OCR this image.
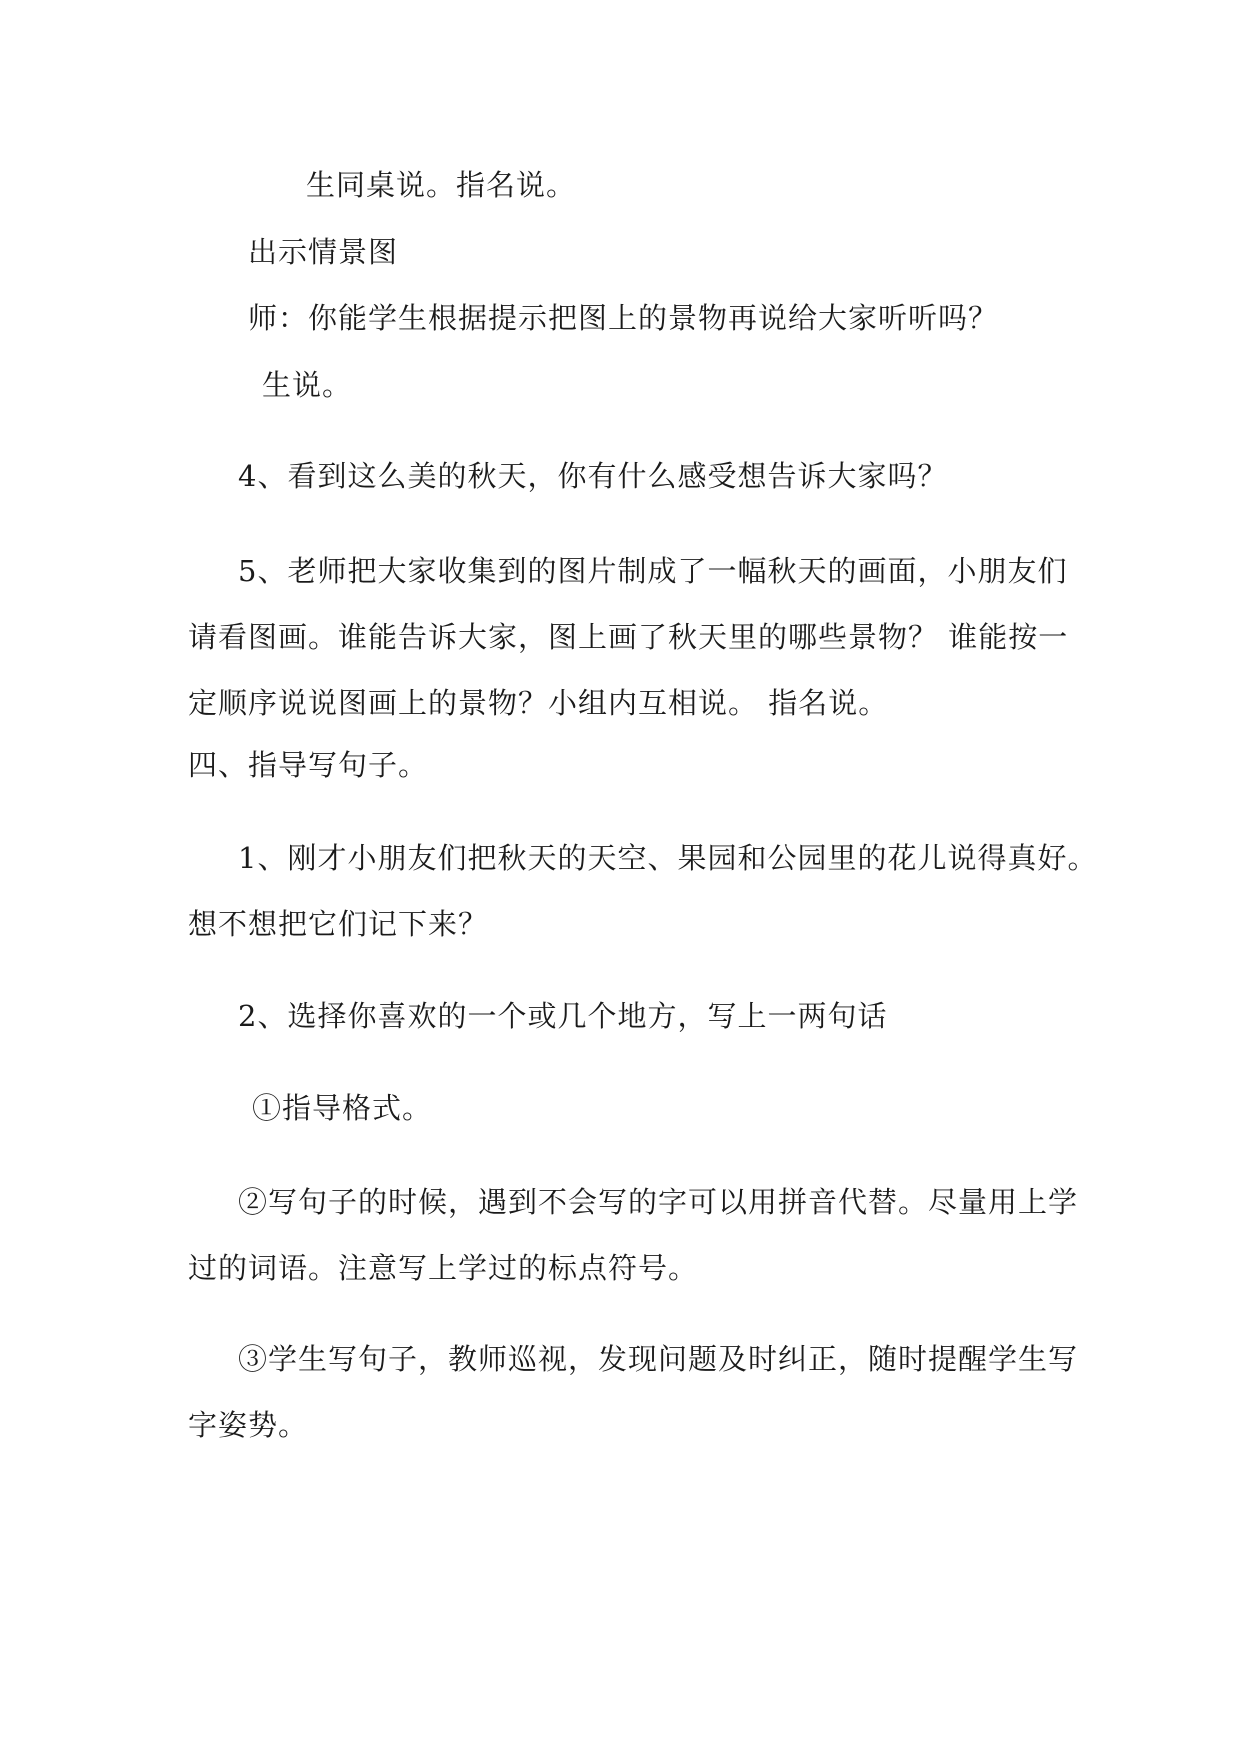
生同桌说。指名说。
出示情景图
师：你能学生根据提示把图上的景物再说给大家听听吗？
生说。
4、看到这么美的秋天，你有什么感受想告诉大家吗？
5、老师把大家收集到的图片制成了一幅秋天的画面，小朋友们
请看图画。谁能告诉大家，图上画了秋天里的哪些景物？ 谁能按一
定顺序说说图画上的景物？小组内互相说。 指名说。
四、指导写句子。
1、刚才小朋友们把秋天的天空、果园和公园里的花儿说得真好。
想不想把它们记下来？
2、选择你喜欢的一个或几个地方，写上一两句话
①指导格式。
②写句子的时候，遇到不会写的字可以用拼音代替。尽量用上学
过的词语。注意写上学过的标点符号。
③学生写句子，教师巡视，发现问题及时纠正，随时提醒学生写
字姿势。
